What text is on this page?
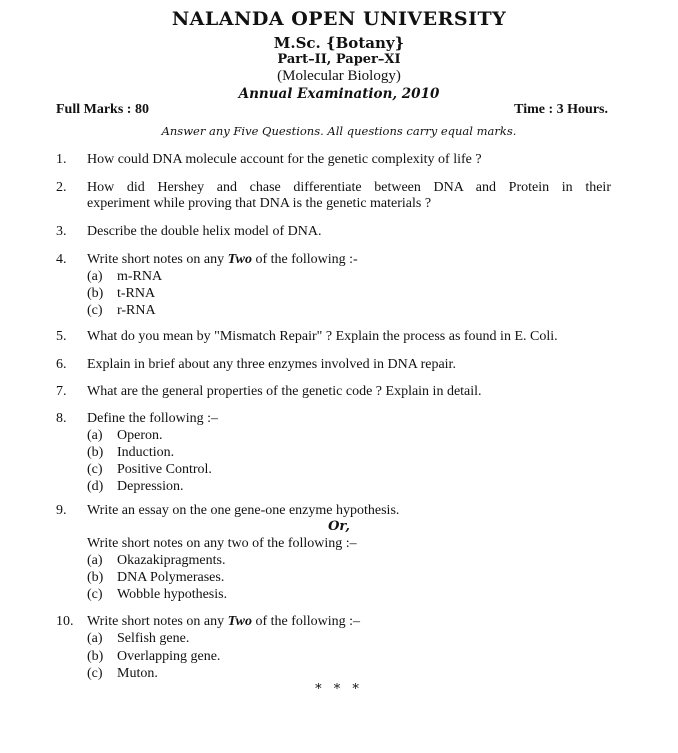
NALANDA OPEN UNIVERSITY
M.Sc. {Botany}
Part–II, Paper–XI
(Molecular Biology)
Annual Examination, 2010
Full Marks : 80	Time : 3 Hours.
Answer any Five Questions. All questions carry equal marks.
1. How could DNA molecule account for the genetic complexity of life ?
2. How did Hershey and chase differentiate between DNA and Protein in their
experiment while proving that DNA is the genetic materials ?
3. Describe the double helix model of DNA.
4. Write short notes on any Two of the following :-
(a) m-RNA
(b) t-RNA
(c) r-RNA
5. What do you mean by "Mismatch Repair" ? Explain the process as found in E. Coli.
6. Explain in brief about any three enzymes involved in DNA repair.
7. What are the general properties of the genetic code ? Explain in detail.
8. Define the following :–
(a) Operon.
(b) Induction.
(c) Positive Control.
(d) Depression.
9. Write an essay on the one gene-one enzyme hypothesis.
Or,
Write short notes on any two of the following :–
(a) Okazakipragments.
(b) DNA Polymerases.
(c) Wobble hypothesis.
10. Write short notes on any Two of the following :–
(a) Selfish gene.
(b) Overlapping gene.
(c) Muton.
* * *
